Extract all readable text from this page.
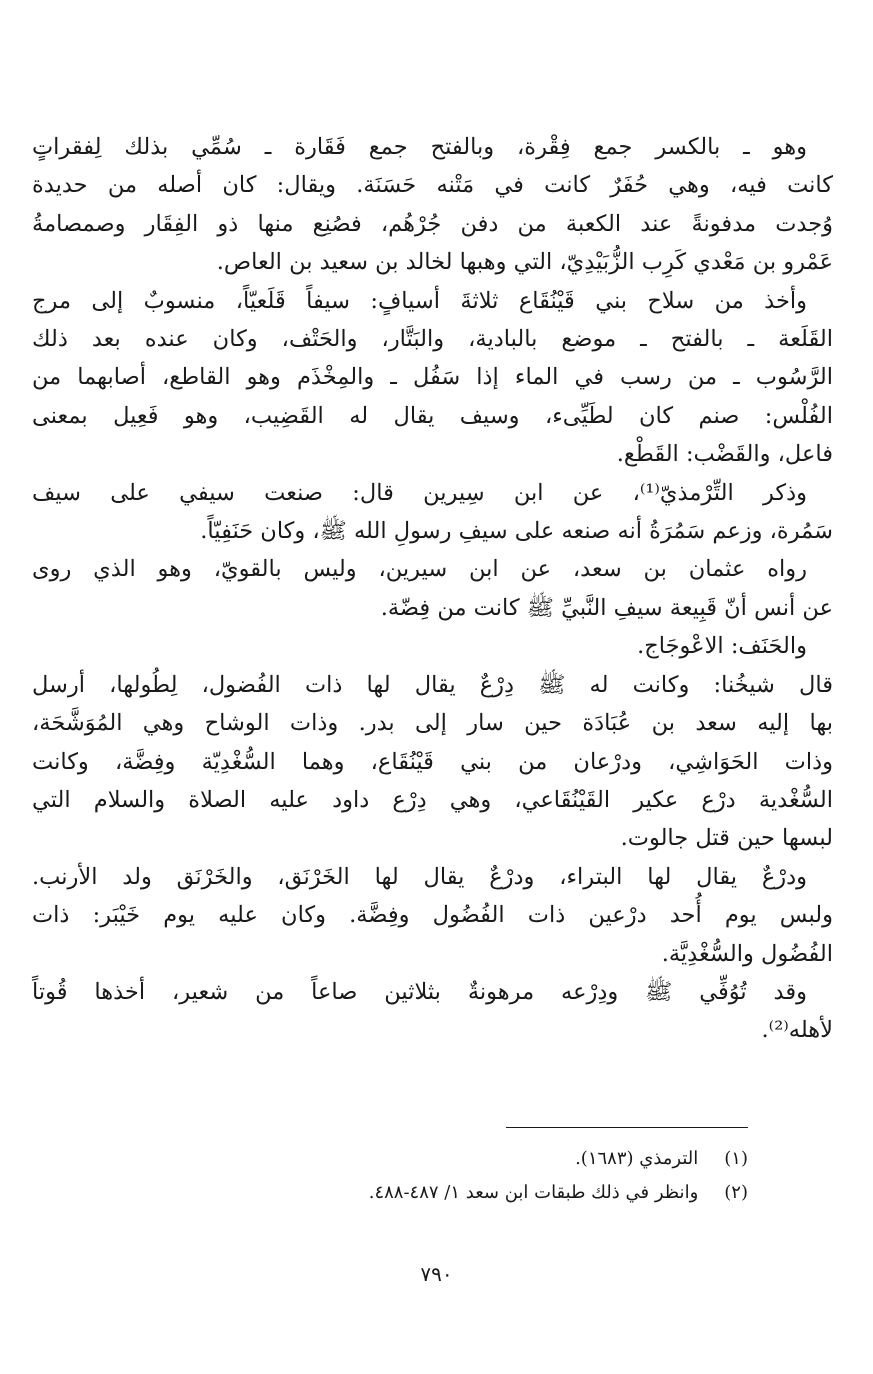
وهو ـ بالكسر جمع فِقْرة، وبالفتح جمع فَقَارة ـ سُمِّي بذلك لِفقراتٍ
كانت فيه، وهي حُفَرٌ كانت في مَتْنه حَسَنَة. ويقال: كان أصله من حديدة
وُجدت مدفونةً عند الكعبة من دفن جُرْهُم، فصُنِع منها ذو الفِقَار وصمصامةُ
عَمْرو بن مَعْدي كَرِب الزُّبَيْدِيّ، التي وهبها لخالد بن سعيد بن العاص.

وأخذ من سلاح بني قَيْنُقَاع ثلاثةَ أسيافٍ: سيفاً قَلَعيّاً، منسوبٌ إلى مرج
القَلَعة ـ بالفتح ـ موضع بالبادية، والبَتَّار، والحَتْف، وكان عنده بعد ذلك
الرَّسُوب ـ من رسب في الماء إذا سَفُل ـ والمِخْذَم وهو القاطع، أصابهما من
الفُلْس: صنم كان لطَيِّىء، وسيف يقال له القَضِيب، وهو فَعِيل بمعنى
فاعل، والقَضْب: القَطْع.

وذكر التِّرْمذيّ⁽¹⁾، عن ابن سِيرين قال: صنعت سيفي على سيف
سَمُرة، وزعم سَمُرَةُ أنه صنعه على سيفِ رسولِ الله ﷺ، وكان حَنَفِيّاً.

رواه عثمان بن سعد، عن ابن سيرين، وليس بالقويّ، وهو الذي روى
عن أنس أنّ قَبِيعة سيفِ النَّبيِّ ﷺ كانت من فِضّة.

والحَنَف: الاعْوجَاج.

قال شيخُنا: وكانت له ﷺ دِرْعٌ يقال لها ذات الفُضول، لِطُولها، أرسل
بها إليه سعد بن عُبَادَة حين سار إلى بدر. وذات الوشاح وهي المُوَشَّحَة،
وذات الحَوَاشِي، ودرْعان من بني قَيْنُقَاع، وهما السُّغْدِيّة وفِضَّة، وكانت
السُّغْدية درْع عكير القَيْنُقَاعي، وهي دِرْع داود عليه الصلاة والسلام التي
لبسها حين قتل جالوت.

ودرْعٌ يقال لها البتراء، ودرْعٌ يقال لها الخَرْنَق، والخَرْنَق ولد الأرنب.
ولبس يوم أُحد درْعين ذات الفُضُول وفِضَّة. وكان عليه يوم خَيْبَر: ذات
الفُضُول والسُّغْدِيَّة.

وقد تُوُفِّي ﷺ ودِرْعه مرهونةٌ بثلاثين صاعاً من شعير، أخذها قُوتاً
لأهله⁽²⁾.

(١) الترمذي (١٦٨٣).
(٢) وانظر في ذلك طبقات ابن سعد ١/ ٤٨٧-٤٨٨.
٧٩٠
